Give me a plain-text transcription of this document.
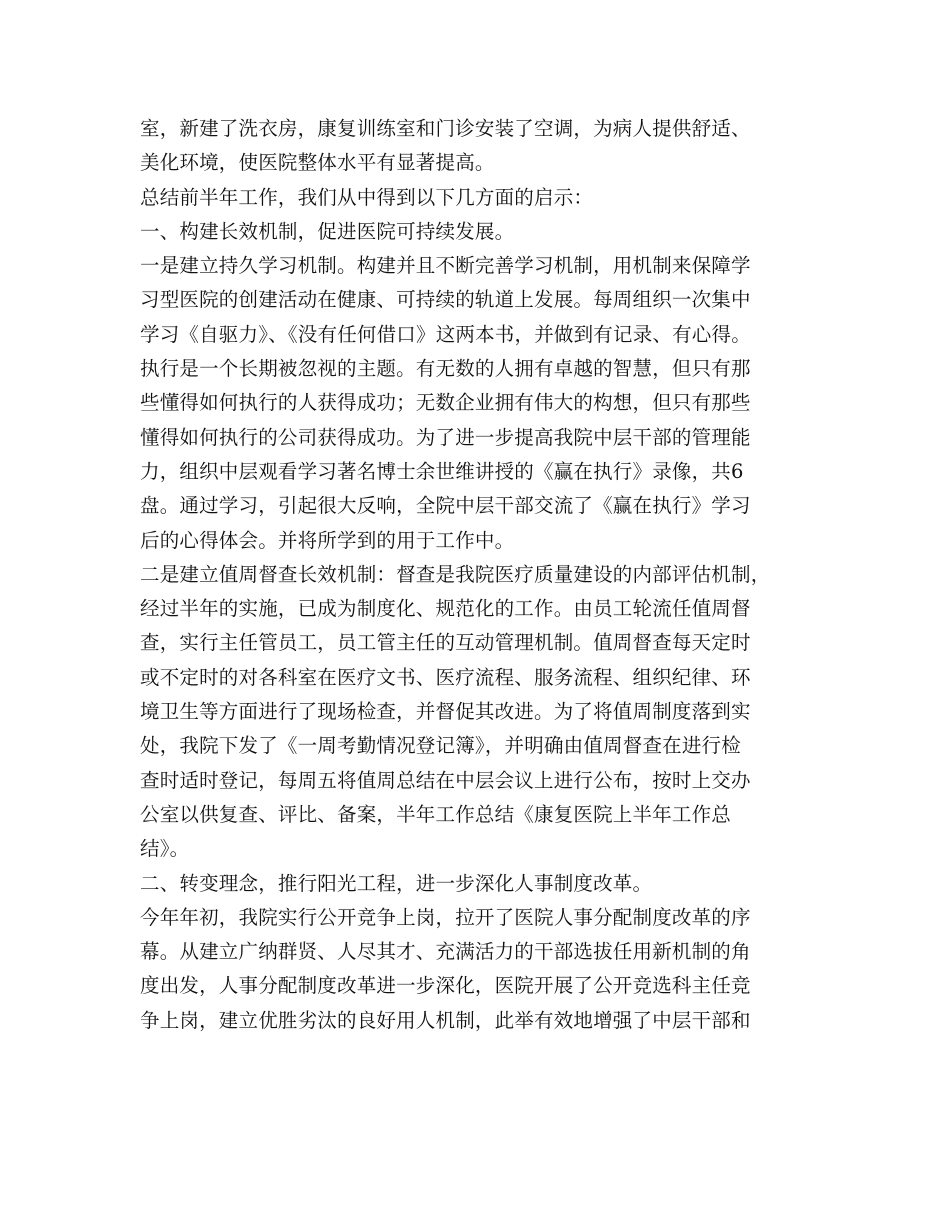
室，新建了洗衣房，康复训练室和门诊安装了空调，为病人提供舒适、
美化环境，使医院整体水平有显著提高。
总结前半年工作，我们从中得到以下几方面的启示：
一、构建长效机制，促进医院可持续发展。
一是建立持久学习机制。构建并且不断完善学习机制，用机制来保障学
习型医院的创建活动在健康、可持续的轨道上发展。每周组织一次集中
学习《自驱力》、《没有任何借口》这两本书，并做到有记录、有心得。
执行是一个长期被忽视的主题。有无数的人拥有卓越的智慧，但只有那
些懂得如何执行的人获得成功；无数企业拥有伟大的构想，但只有那些
懂得如何执行的公司获得成功。为了进一步提高我院中层干部的管理能
力，组织中层观看学习著名博士余世维讲授的《赢在执行》录像，共6
盘。通过学习，引起很大反响，全院中层干部交流了《赢在执行》学习
后的心得体会。并将所学到的用于工作中。
二是建立值周督查长效机制：督查是我院医疗质量建设的内部评估机制，
经过半年的实施，已成为制度化、规范化的工作。由员工轮流任值周督
查，实行主任管员工，员工管主任的互动管理机制。值周督查每天定时
或不定时的对各科室在医疗文书、医疗流程、服务流程、组织纪律、环
境卫生等方面进行了现场检查，并督促其改进。为了将值周制度落到实
处，我院下发了《一周考勤情况登记簿》，并明确由值周督查在进行检
查时适时登记，每周五将值周总结在中层会议上进行公布，按时上交办
公室以供复查、评比、备案，半年工作总结《康复医院上半年工作总
结》。
二、转变理念，推行阳光工程，进一步深化人事制度改革。
今年年初，我院实行公开竞争上岗，拉开了医院人事分配制度改革的序
幕。从建立广纳群贤、人尽其才、充满活力的干部选拔任用新机制的角
度出发，人事分配制度改革进一步深化，医院开展了公开竞选科主任竞
争上岗，建立优胜劣汰的良好用人机制，此举有效地增强了中层干部和
